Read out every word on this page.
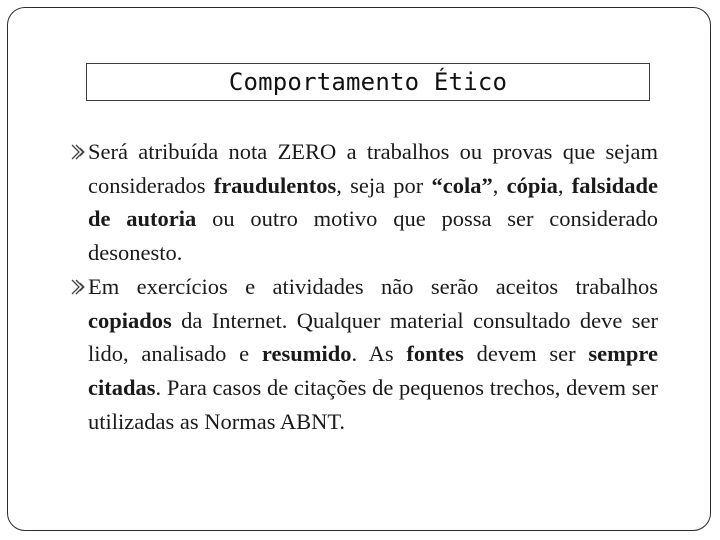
Comportamento Ético
Será atribuída nota ZERO a trabalhos ou provas que sejam considerados fraudulentos, seja por “cola”, cópia, falsidade de autoria ou outro motivo que possa ser considerado desonesto.
Em exercícios e atividades não serão aceitos trabalhos copiados da Internet. Qualquer material consultado deve ser lido, analisado e resumido. As fontes devem ser sempre citadas. Para casos de citações de pequenos trechos, devem ser utilizadas as Normas ABNT.
